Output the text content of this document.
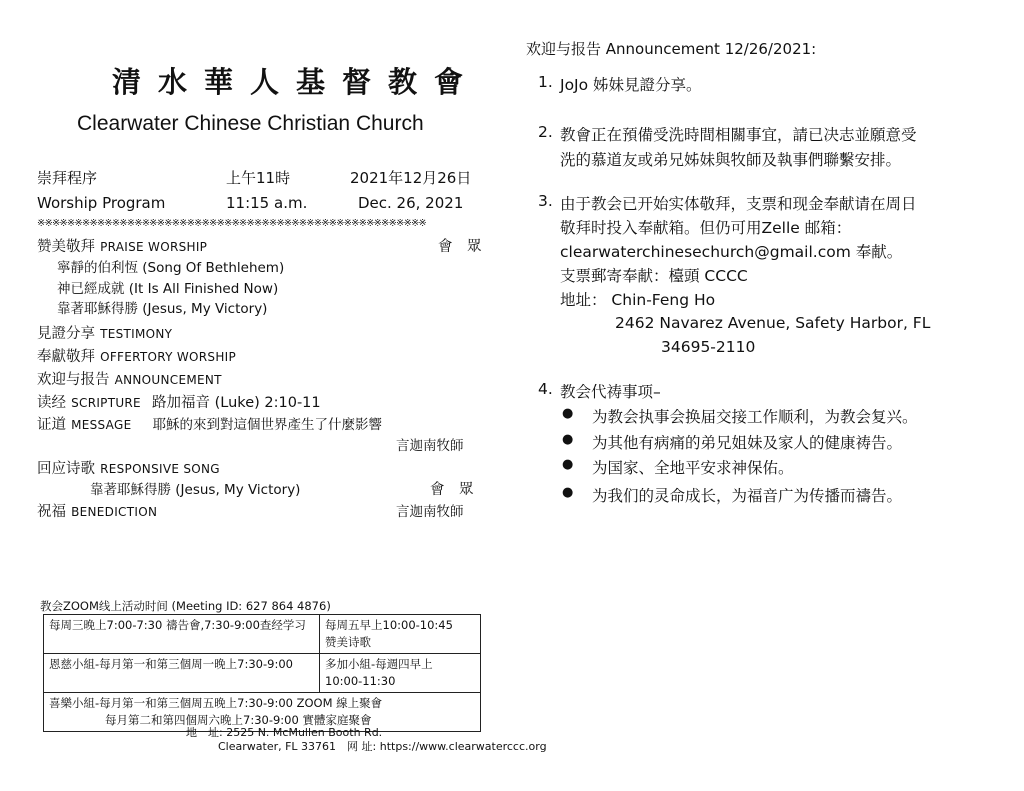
清水華人基督教會
Clearwater Chinese Christian Church
崇拜程序	上午11時	2021年12月26日
Worship Program	11:15 a.m.	Dec. 26, 2021
※※※※※※※※※※※※※※※※※※※※※※※※※※※※※※※※※※※※※※※※※※※※※※※※※※※※
赞美敬拜 PRAISE WORSHIP	會　眾
寧靜的伯利恆 (Song Of Bethlehem)
神已經成就 (It Is All Finished Now)
靠著耶穌得勝 (Jesus, My Victory)
見證分享 TESTIMONY
奉獻敬拜 OFFERTORY WORSHIP
欢迎与报告 ANNOUNCEMENT
读经 SCRIPTURE 路加福音 (Luke) 2:10-11
证道 MESSAGE 耶穌的來到對這個世界產生了什麼影響
言迦南牧師
回应诗歌 RESPONSIVE SONG
靠著耶穌得勝 (Jesus, My Victory)	會　眾
祝福 BENEDICTION	言迦南牧師
教会ZOOM线上活动时间 (Meeting ID: 627 864 4876)
每周三晚上7:00-7:30 禱告會,7:30-9:00查经学习	每周五早上10:00-10:45
赞美诗歌

恩慈小組-每月第一和第三個周一晚上7:30-9:00	多加小組-每週四早上
10:00-11:30

喜樂小組-每月第一和第三個周五晚上7:30-9:00 ZOOM 線上聚會
每月第二和第四個周六晚上7:30-9:00 實體家庭聚會	
地　址: 2525 N. McMullen Booth Rd.
Clearwater, FL 33761　网 址: https://www.clearwaterccc.org
欢迎与报告 Announcement 12/26/2021:
1. JoJo 姊妹見證分享。
2. 教會正在預備受洗時間相關事宜，請已决志並願意受
洗的慕道友或弟兄姊妹與牧師及執事們聯繫安排。
3. 由于教会已开始实体敬拜，支票和现金奉献请在周日
敬拜时投入奉献箱。但仍可用Zelle 邮箱：
clearwaterchinesechurch@gmail.com 奉献。
支票郵寄奉献：檯頭 CCCC
地址： Chin-Feng Ho
2462 Navarez Avenue, Safety Harbor, FL
34695-2110
4. 教会代祷事项–
● 为教会执事会换届交接工作顺利，为教会复兴。
● 为其他有病痛的弟兄姐妹及家人的健康祷告。
● 为国家、全地平安求神保佑。
● 为我们的灵命成长，为福音广为传播而禱告。
